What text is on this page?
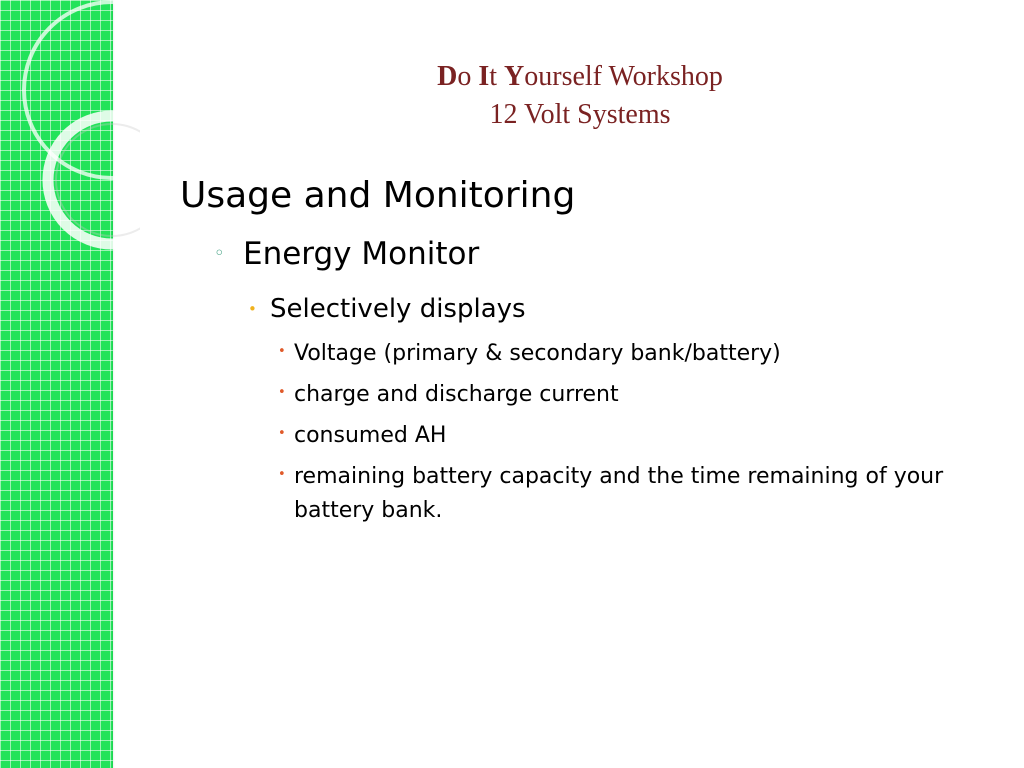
Do It Yourself Workshop
12 Volt Systems
Usage and Monitoring
◦ Energy Monitor
• Selectively displays
• Voltage (primary & secondary bank/battery)
• charge and discharge current
• consumed AH
• remaining battery capacity and the time remaining of your battery bank.
